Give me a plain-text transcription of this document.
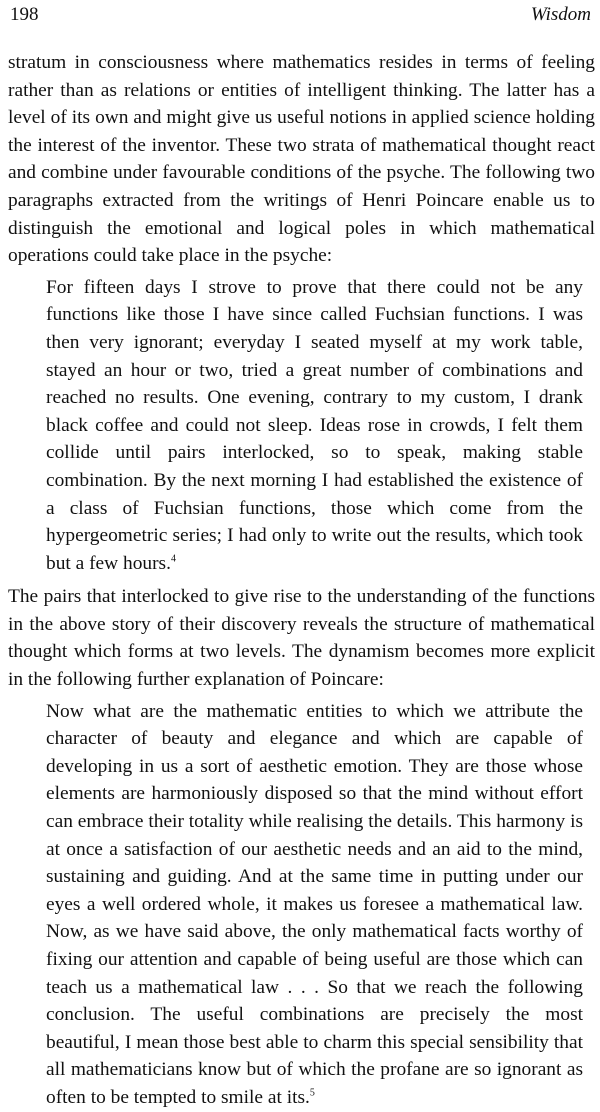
198	Wisdom

stratum in consciousness where mathematics resides in terms of feeling rather than as relations or entities of intelligent thinking. The latter has a level of its own and might give us useful notions in applied science holding the interest of the inventor. These two strata of mathematical thought react and combine under favourable conditions of the psyche. The following two paragraphs extracted from the writings of Henri Poincare enable us to distinguish the emotional and logical poles in which mathematical operations could take place in the psyche:

For fifteen days I strove to prove that there could not be any functions like those I have since called Fuchsian functions. I was then very ignorant; everyday I seated myself at my work table, stayed an hour or two, tried a great number of combinations and reached no results. One evening, contrary to my custom, I drank black coffee and could not sleep. Ideas rose in crowds, I felt them collide until pairs interlocked, so to speak, making stable combination. By the next morning I had established the existence of a class of Fuchsian functions, those which come from the hypergeometric series; I had only to write out the results, which took but a few hours.$^4$

The pairs that interlocked to give rise to the understanding of the functions in the above story of their discovery reveals the structure of mathematical thought which forms at two levels. The dynamism becomes more explicit in the following further explanation of Poincare:

Now what are the mathematic entities to which we attribute the character of beauty and elegance and which are capable of developing in us a sort of aesthetic emotion. They are those whose elements are harmoniously disposed so that the mind without effort can embrace their totality while realising the details. This harmony is at once a satisfaction of our aesthetic needs and an aid to the mind, sustaining and guiding. And at the same time in putting under our eyes a well ordered whole, it makes us foresee a mathematical law. Now, as we have said above, the only mathematical facts worthy of fixing our attention and capable of being useful are those which can teach us a mathematical law . . . So that we reach the following conclusion. The useful combinations are precisely the most beautiful, I mean those best able to charm this special sensibility that all mathematicians know but of which the profane are so ignorant as often to be tempted to smile at its.$^5$
